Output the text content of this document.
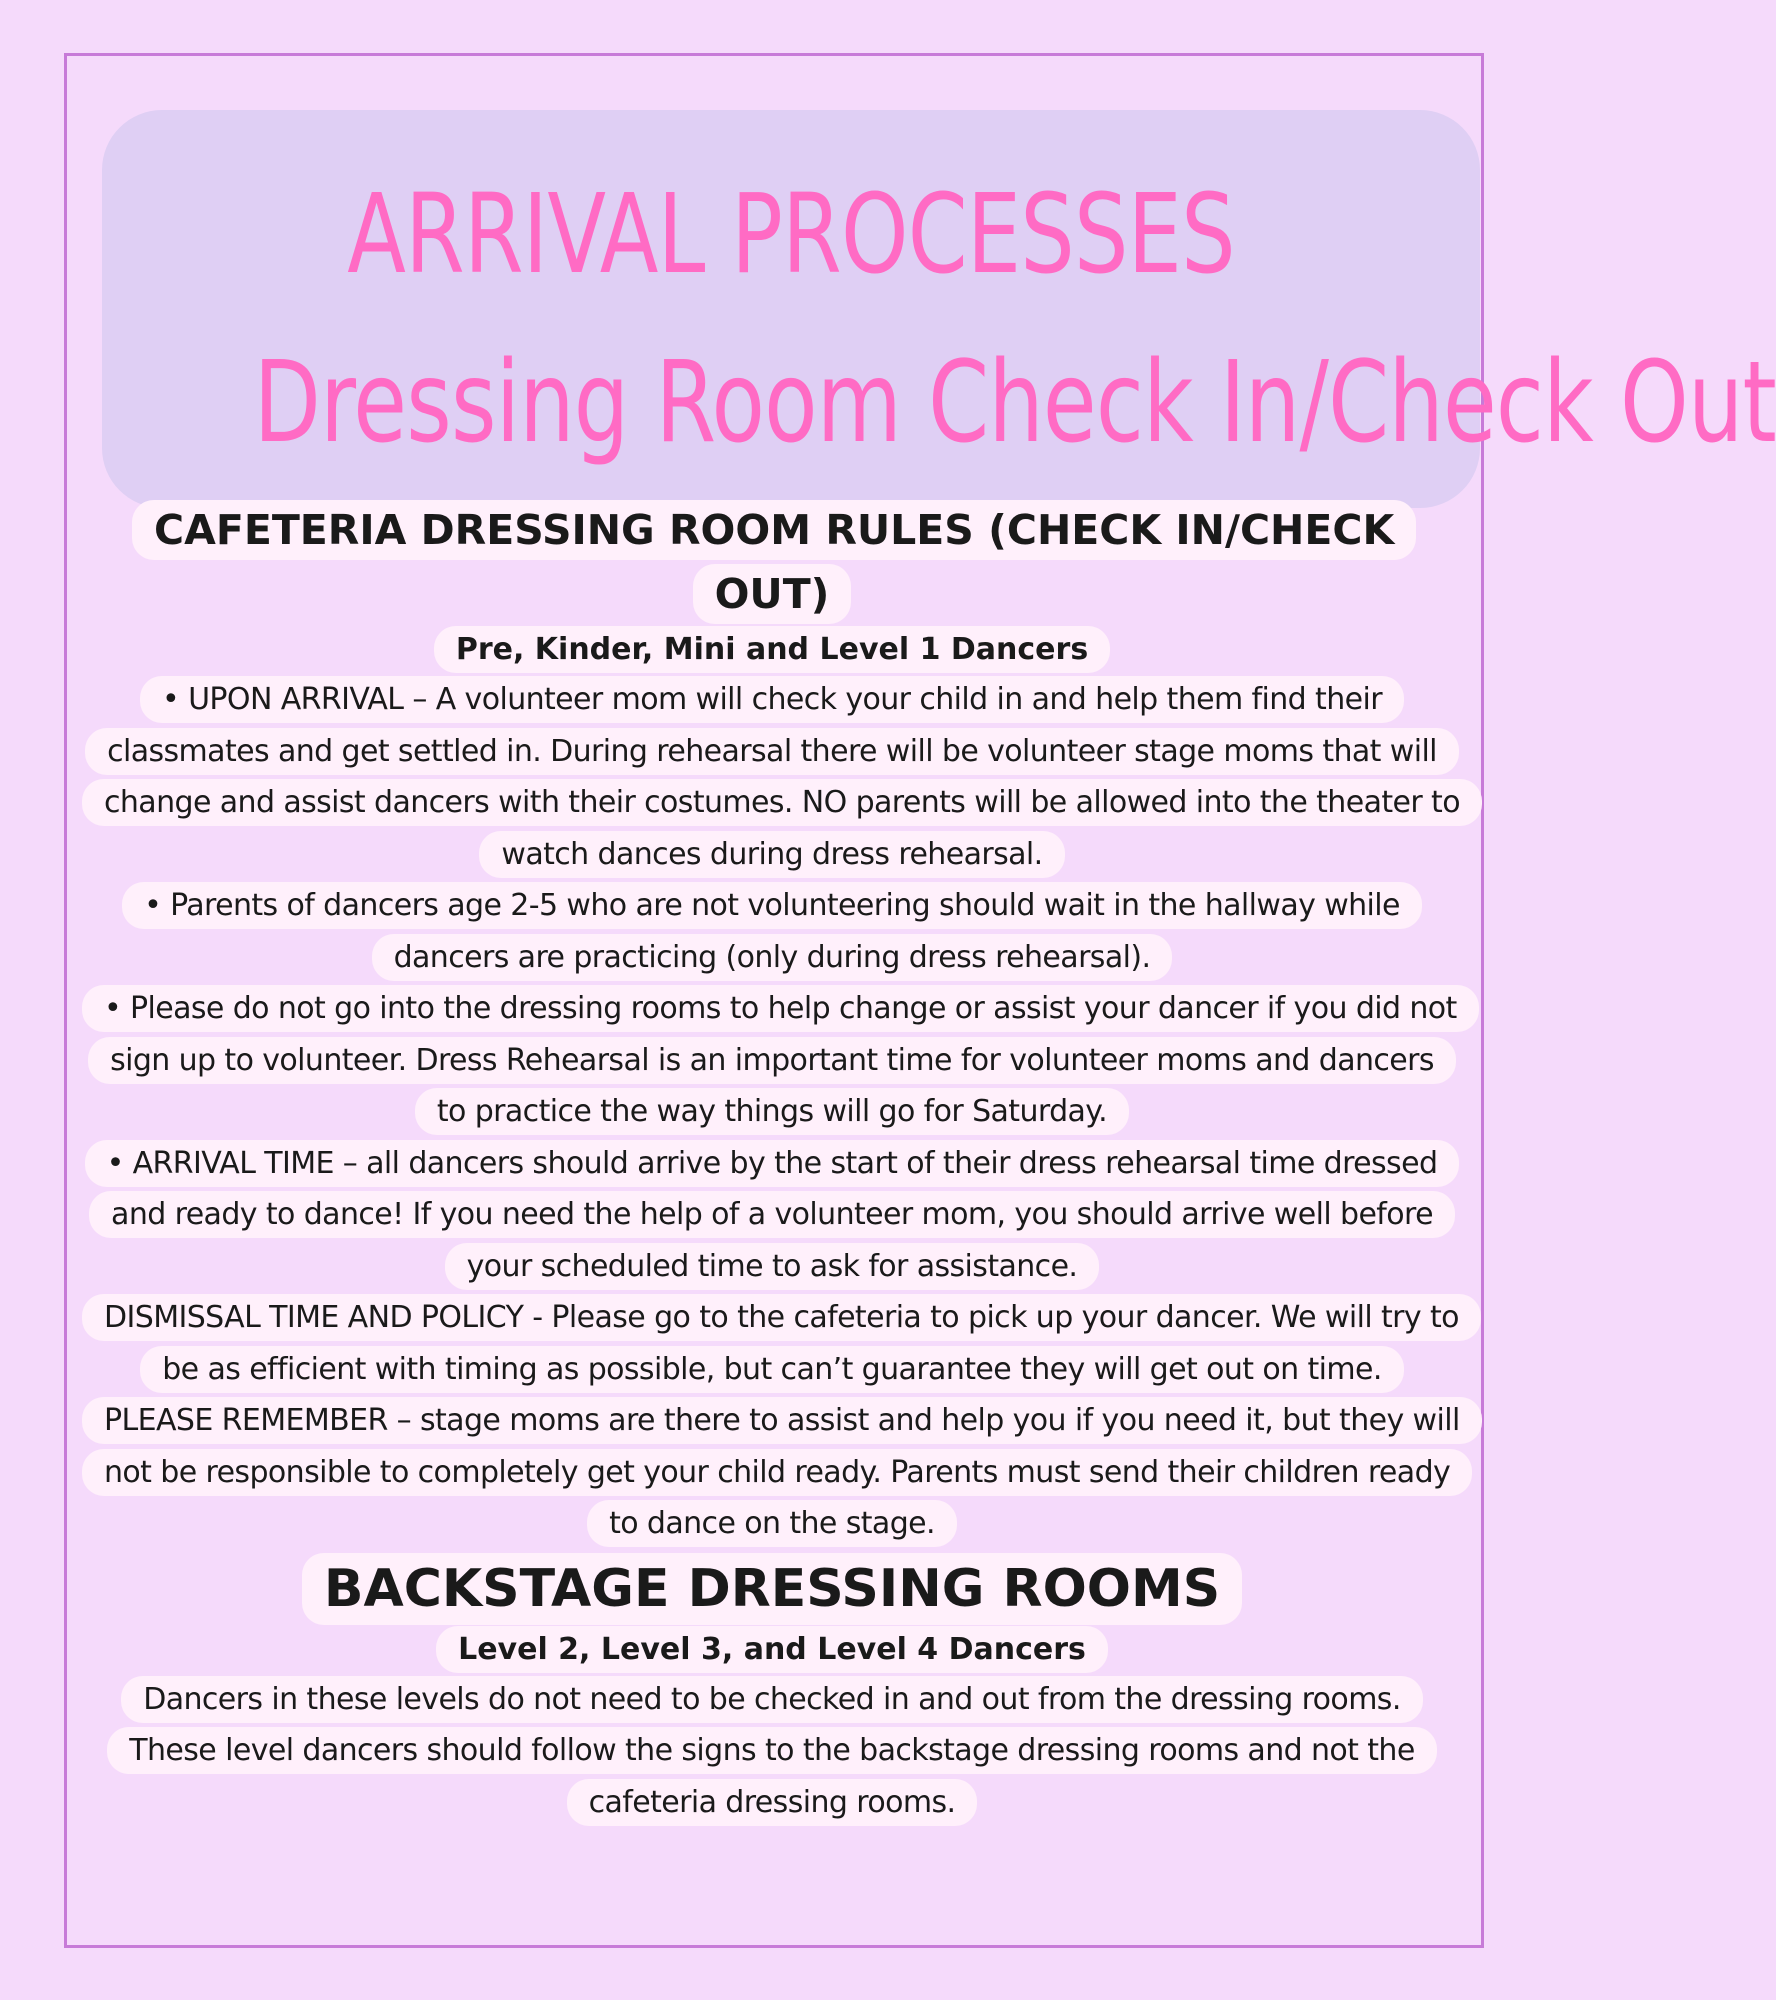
ARRIVAL PROCESSES
Dressing Room Check In/Check Out

CAFETERIA DRESSING ROOM RULES (CHECK IN/CHECK OUT)

Pre, Kinder, Mini and Level 1 Dancers

• UPON ARRIVAL – A volunteer mom will check your child in and help them find their classmates and get settled in. During rehearsal there will be volunteer stage moms that will change and assist dancers with their costumes. NO parents will be allowed into the theater to watch dances during dress rehearsal.

• Parents of dancers age 2-5 who are not volunteering should wait in the hallway while dancers are practicing (only during dress rehearsal).

• Please do not go into the dressing rooms to help change or assist your dancer if you did not sign up to volunteer. Dress Rehearsal is an important time for volunteer moms and dancers to practice the way things will go for Saturday.

• ARRIVAL TIME – all dancers should arrive by the start of their dress rehearsal time dressed and ready to dance! If you need the help of a volunteer mom, you should arrive well before your scheduled time to ask for assistance.

DISMISSAL TIME AND POLICY - Please go to the cafeteria to pick up your dancer. We will try to be as efficient with timing as possible, but can’t guarantee they will get out on time.

PLEASE REMEMBER – stage moms are there to assist and help you if you need it, but they will not be responsible to completely get your child ready. Parents must send their children ready to dance on the stage.

BACKSTAGE DRESSING ROOMS

Level 2, Level 3, and Level 4 Dancers

Dancers in these levels do not need to be checked in and out from the dressing rooms. These level dancers should follow the signs to the backstage dressing rooms and not the cafeteria dressing rooms.
